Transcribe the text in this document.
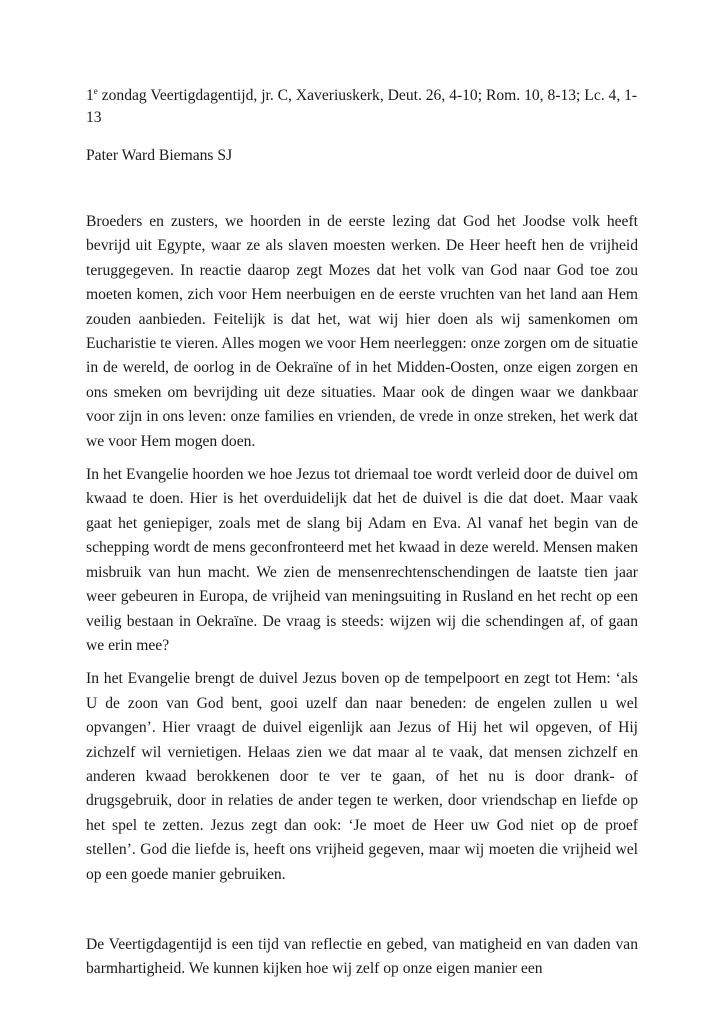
1e zondag Veertigdagentijd, jr. C, Xaveriuskerk, Deut. 26, 4-10; Rom. 10, 8-13; Lc. 4, 1-13

Pater Ward Biemans SJ

Broeders en zusters, we hoorden in de eerste lezing dat God het Joodse volk heeft bevrijd uit Egypte, waar ze als slaven moesten werken. De Heer heeft hen de vrijheid teruggegeven. In reactie daarop zegt Mozes dat het volk van God naar God toe zou moeten komen, zich voor Hem neerbuigen en de eerste vruchten van het land aan Hem zouden aanbieden. Feitelijk is dat het, wat wij hier doen als wij samenkomen om Eucharistie te vieren. Alles mogen we voor Hem neerleggen: onze zorgen om de situatie in de wereld, de oorlog in de Oekraïne of in het Midden-Oosten, onze eigen zorgen en ons smeken om bevrijding uit deze situaties. Maar ook de dingen waar we dankbaar voor zijn in ons leven: onze families en vrienden, de vrede in onze streken, het werk dat we voor Hem mogen doen.

In het Evangelie hoorden we hoe Jezus tot driemaal toe wordt verleid door de duivel om kwaad te doen. Hier is het overduidelijk dat het de duivel is die dat doet. Maar vaak gaat het geniepiger, zoals met de slang bij Adam en Eva. Al vanaf het begin van de schepping wordt de mens geconfronteerd met het kwaad in deze wereld. Mensen maken misbruik van hun macht. We zien de mensenrechtenschendingen de laatste tien jaar weer gebeuren in Europa, de vrijheid van meningsuiting in Rusland en het recht op een veilig bestaan in Oekraïne. De vraag is steeds: wijzen wij die schendingen af, of gaan we erin mee?

In het Evangelie brengt de duivel Jezus boven op de tempelpoort en zegt tot Hem: ‘als U de zoon van God bent, gooi uzelf dan naar beneden: de engelen zullen u wel opvangen’. Hier vraagt de duivel eigenlijk aan Jezus of Hij het wil opgeven, of Hij zichzelf wil vernietigen. Helaas zien we dat maar al te vaak, dat mensen zichzelf en anderen kwaad berokkenen door te ver te gaan, of het nu is door drank- of drugsgebruik, door in relaties de ander tegen te werken, door vriendschap en liefde op het spel te zetten. Jezus zegt dan ook: ‘Je moet de Heer uw God niet op de proef stellen’. God die liefde is, heeft ons vrijheid gegeven, maar wij moeten die vrijheid wel op een goede manier gebruiken.

De Veertigdagentijd is een tijd van reflectie en gebed, van matigheid en van daden van barmhartigheid. We kunnen kijken hoe wij zelf op onze eigen manier een
